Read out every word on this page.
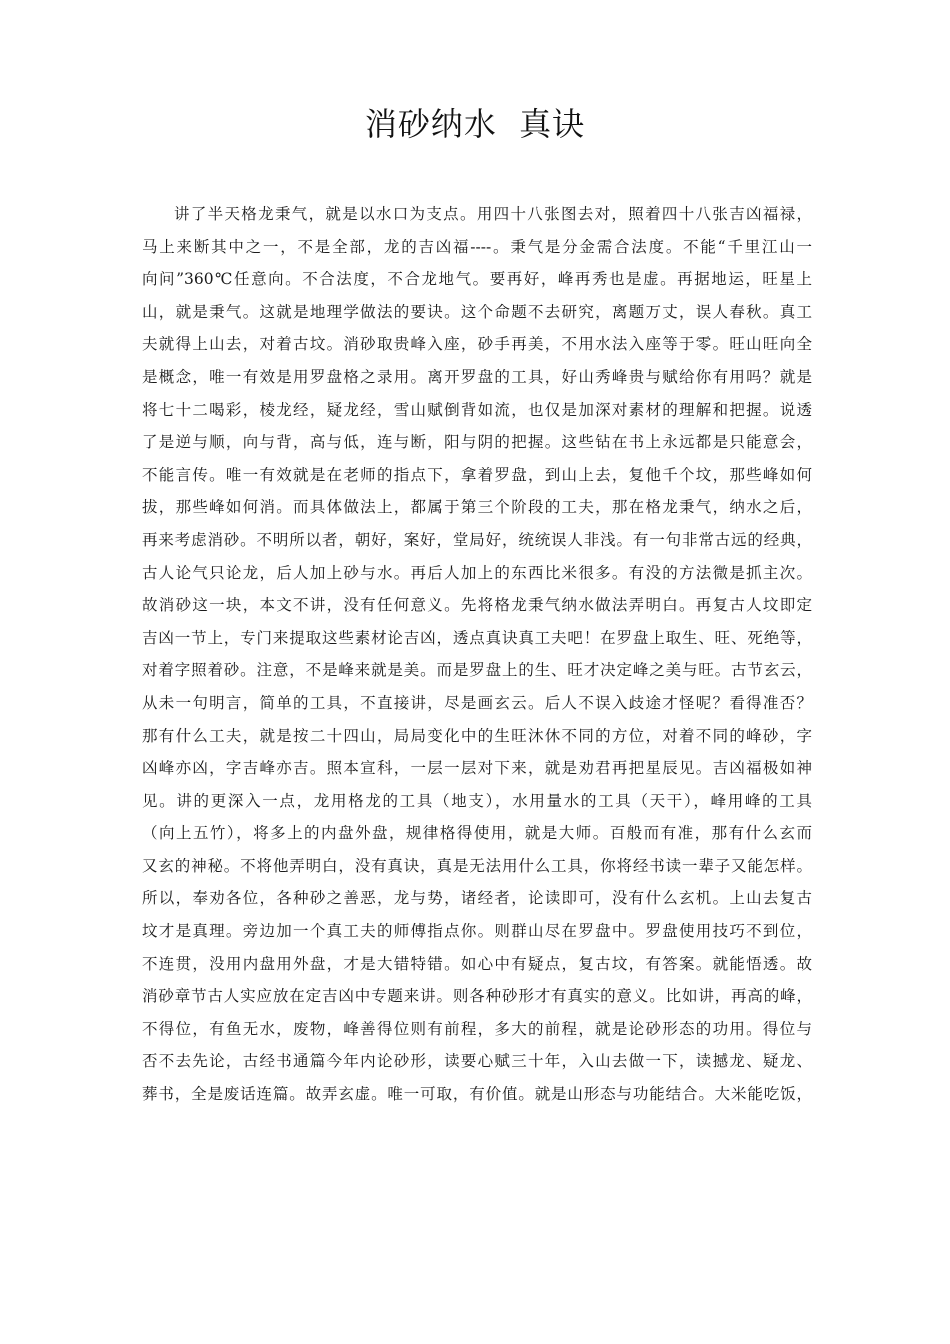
消砂纳水  真诀
讲了半天格龙秉气，就是以水口为支点。用四十八张图去对，照着四十八张吉凶福禄，
马上来断其中之一，不是全部，龙的吉凶福----。秉气是分金需合法度。不能“千里江山一
向问”360℃任意向。不合法度，不合龙地气。要再好，峰再秀也是虚。再据地运，旺星上
山，就是秉气。这就是地理学做法的要诀。这个命题不去研究，离题万丈，误人春秋。真工
夫就得上山去，对着古坟。消砂取贵峰入座，砂手再美，不用水法入座等于零。旺山旺向全
是概念，唯一有效是用罗盘格之录用。离开罗盘的工具，好山秀峰贵与赋给你有用吗？就是
将七十二喝彩，棱龙经，疑龙经，雪山赋倒背如流，也仅是加深对素材的理解和把握。说透
了是逆与顺，向与背，高与低，连与断，阳与阴的把握。这些钻在书上永远都是只能意会，
不能言传。唯一有效就是在老师的指点下，拿着罗盘，到山上去，复他千个坟，那些峰如何
拔，那些峰如何消。而具体做法上，都属于第三个阶段的工夫，那在格龙秉气，纳水之后，
再来考虑消砂。不明所以者，朝好，案好，堂局好，统统误人非浅。有一句非常古远的经典，
古人论气只论龙，后人加上砂与水。再后人加上的东西比米很多。有没的方法微是抓主次。
故消砂这一块，本文不讲，没有任何意义。先将格龙秉气纳水做法弄明白。再复古人坟即定
吉凶一节上，专门来提取这些素材论吉凶，透点真诀真工夫吧！在罗盘上取生、旺、死绝等，
对着字照着砂。注意，不是峰来就是美。而是罗盘上的生、旺才决定峰之美与旺。古节玄云，
从未一句明言，简单的工具，不直接讲，尽是画玄云。后人不误入歧途才怪呢？看得准否？
那有什么工夫，就是按二十四山，局局变化中的生旺沐休不同的方位，对着不同的峰砂，字
凶峰亦凶，字吉峰亦吉。照本宣科，一层一层对下来，就是劝君再把星辰见。吉凶福极如神
见。讲的更深入一点，龙用格龙的工具（地支），水用量水的工具（天干），峰用峰的工具
（向上五竹），将多上的内盘外盘，规律格得使用，就是大师。百般而有准，那有什么玄而
又玄的神秘。不将他弄明白，没有真诀，真是无法用什么工具，你将经书读一辈子又能怎样。
所以，奉劝各位，各种砂之善恶，龙与势，诸经者，论读即可，没有什么玄机。上山去复古
坟才是真理。旁边加一个真工夫的师傅指点你。则群山尽在罗盘中。罗盘使用技巧不到位，
不连贯，没用内盘用外盘，才是大错特错。如心中有疑点，复古坟，有答案。就能悟透。故
消砂章节古人实应放在定吉凶中专题来讲。则各种砂形才有真实的意义。比如讲，再高的峰，
不得位，有鱼无水，废物，峰善得位则有前程，多大的前程，就是论砂形态的功用。得位与
否不去先论，古经书通篇今年内论砂形，读要心赋三十年，入山去做一下，读撼龙、疑龙、
葬书，全是废话连篇。故弄玄虚。唯一可取，有价值。就是山形态与功能结合。大米能吃饭，
